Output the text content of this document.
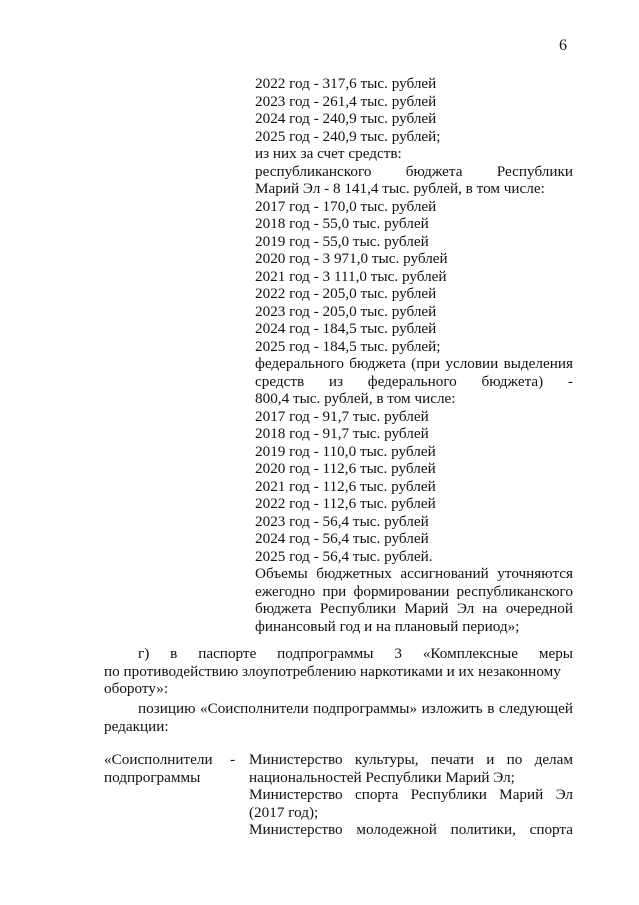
6
2022 год - 317,6 тыс. рублей
2023 год - 261,4 тыс. рублей
2024 год - 240,9 тыс. рублей
2025 год - 240,9 тыс. рублей;
из них за счет средств:
республиканского бюджета Республики
Марий Эл - 8 141,4 тыс. рублей, в том числе:
2017 год - 170,0 тыс. рублей
2018 год - 55,0 тыс. рублей
2019 год - 55,0 тыс. рублей
2020 год - 3 971,0 тыс. рублей
2021 год - 3 111,0 тыс. рублей
2022 год - 205,0 тыс. рублей
2023 год - 205,0 тыс. рублей
2024 год - 184,5 тыс. рублей
2025 год - 184,5 тыс. рублей;
федерального бюджета (при условии выделения
средств из федерального бюджета) -
800,4 тыс. рублей, в том числе:
2017 год - 91,7 тыс. рублей
2018 год - 91,7 тыс. рублей
2019 год - 110,0 тыс. рублей
2020 год - 112,6 тыс. рублей
2021 год - 112,6 тыс. рублей
2022 год - 112,6 тыс. рублей
2023 год - 56,4 тыс. рублей
2024 год - 56,4 тыс. рублей
2025 год - 56,4 тыс. рублей.
Объемы бюджетных ассигнований уточняются
ежегодно при формировании республиканского
бюджета Республики Марий Эл на очередной
финансовый год и на плановый период»;
г) в паспорте подпрограммы 3 «Комплексные меры
по противодействию злоупотреблению наркотиками и их незаконному
обороту»:
позицию «Соисполнители подпрограммы» изложить в следующей
редакции:
«Соисполнители
подпрограммы
- Министерство культуры, печати и по делам
национальностей Республики Марий Эл;
Министерство спорта Республики Марий Эл
(2017 год);
Министерство молодежной политики, спорта
